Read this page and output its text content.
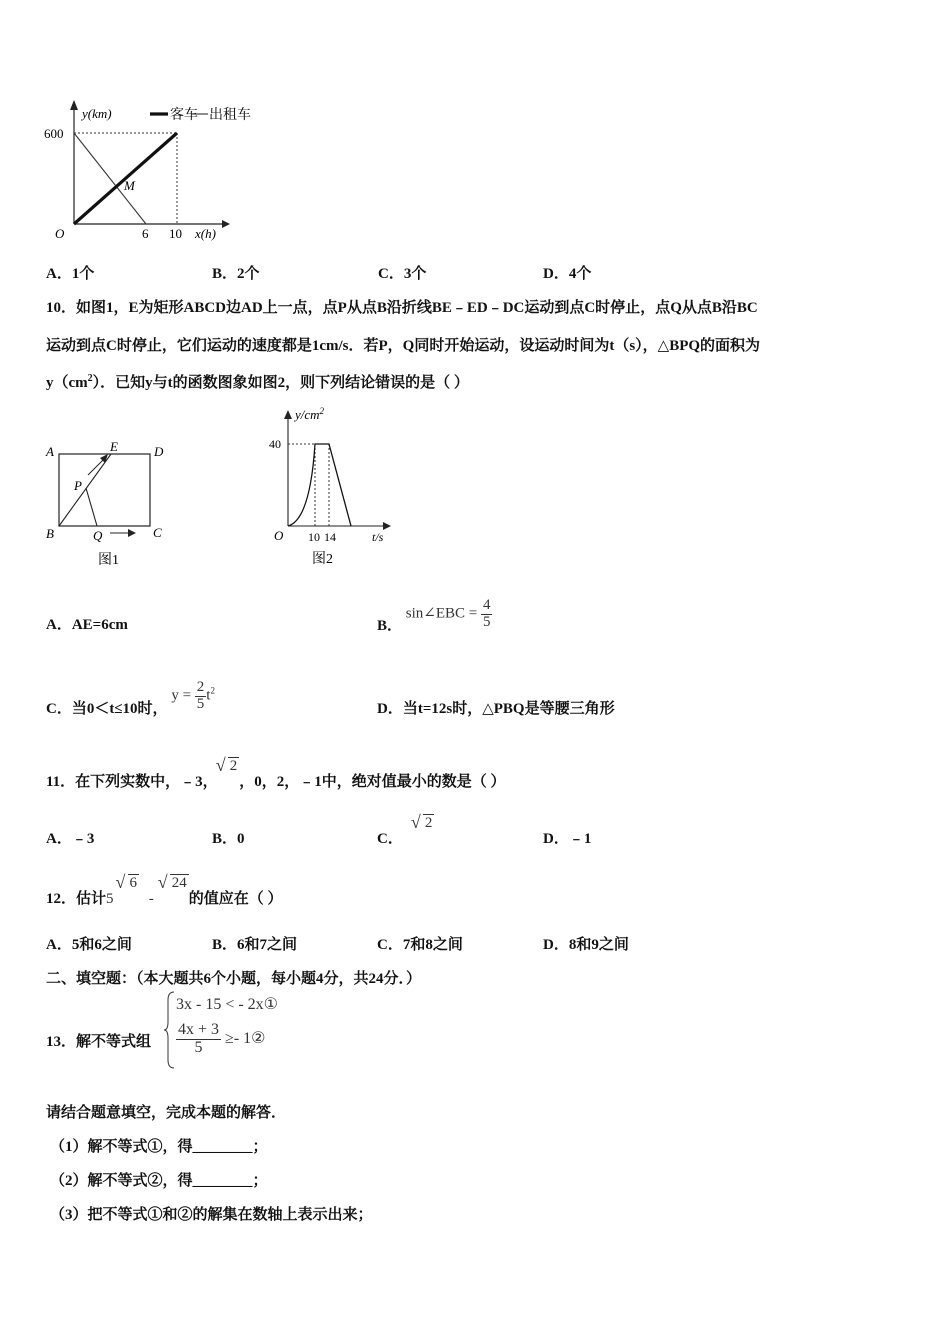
y(km)	客车 出租车
600
O	6 10 x(h)
M
A．1个	B．2个	C．3个	D．4个
10．如图1，E为矩形ABCD边AD上一点，点P从点B沿折线BE﹣ED﹣DC运动到点C时停止，点Q从点B沿BC
运动到点C时停止，它们运动的速度都是1cm/s．若P，Q同时开始运动，设运动时间为t（s），△BPQ的面积为
$y(cm^2)$．已知y与t的函数图象如图2，则下列结论错误的是（ ）
A	E	D
P
B	Q	C
图1
$y/cm^2$
40
O 10 14	t/s
图2
A．AE=6cm	B． sin∠EBC = $\frac{4}{5}$
C．当0＜t≤10时， $y = \frac{2}{5} t^2$
D．当t=12s时，△PBQ是等腰三角形
11．在下列实数中，﹣3，√ 2，0，2，﹣1中，绝对值最小的数是（ ）
A．﹣3	B．0	C．√ 2
D．﹣1
12．估计5√ 6 -√ 24的值应在（ ）
A．5和6之间	B．6和7之间	C．7和8之间	D．8和9之间
二、填空题：（本大题共6个小题，每小题4分，共24分．）
13．解不等式组
3x - 15 < - 2x①
$\frac{4x + 3}{5}$ ≥- 1②
请结合题意填空，完成本题的解答．
（1）解不等式①，得________；
（2）解不等式②，得________；
（3）把不等式①和②的解集在数轴上表示出来；
